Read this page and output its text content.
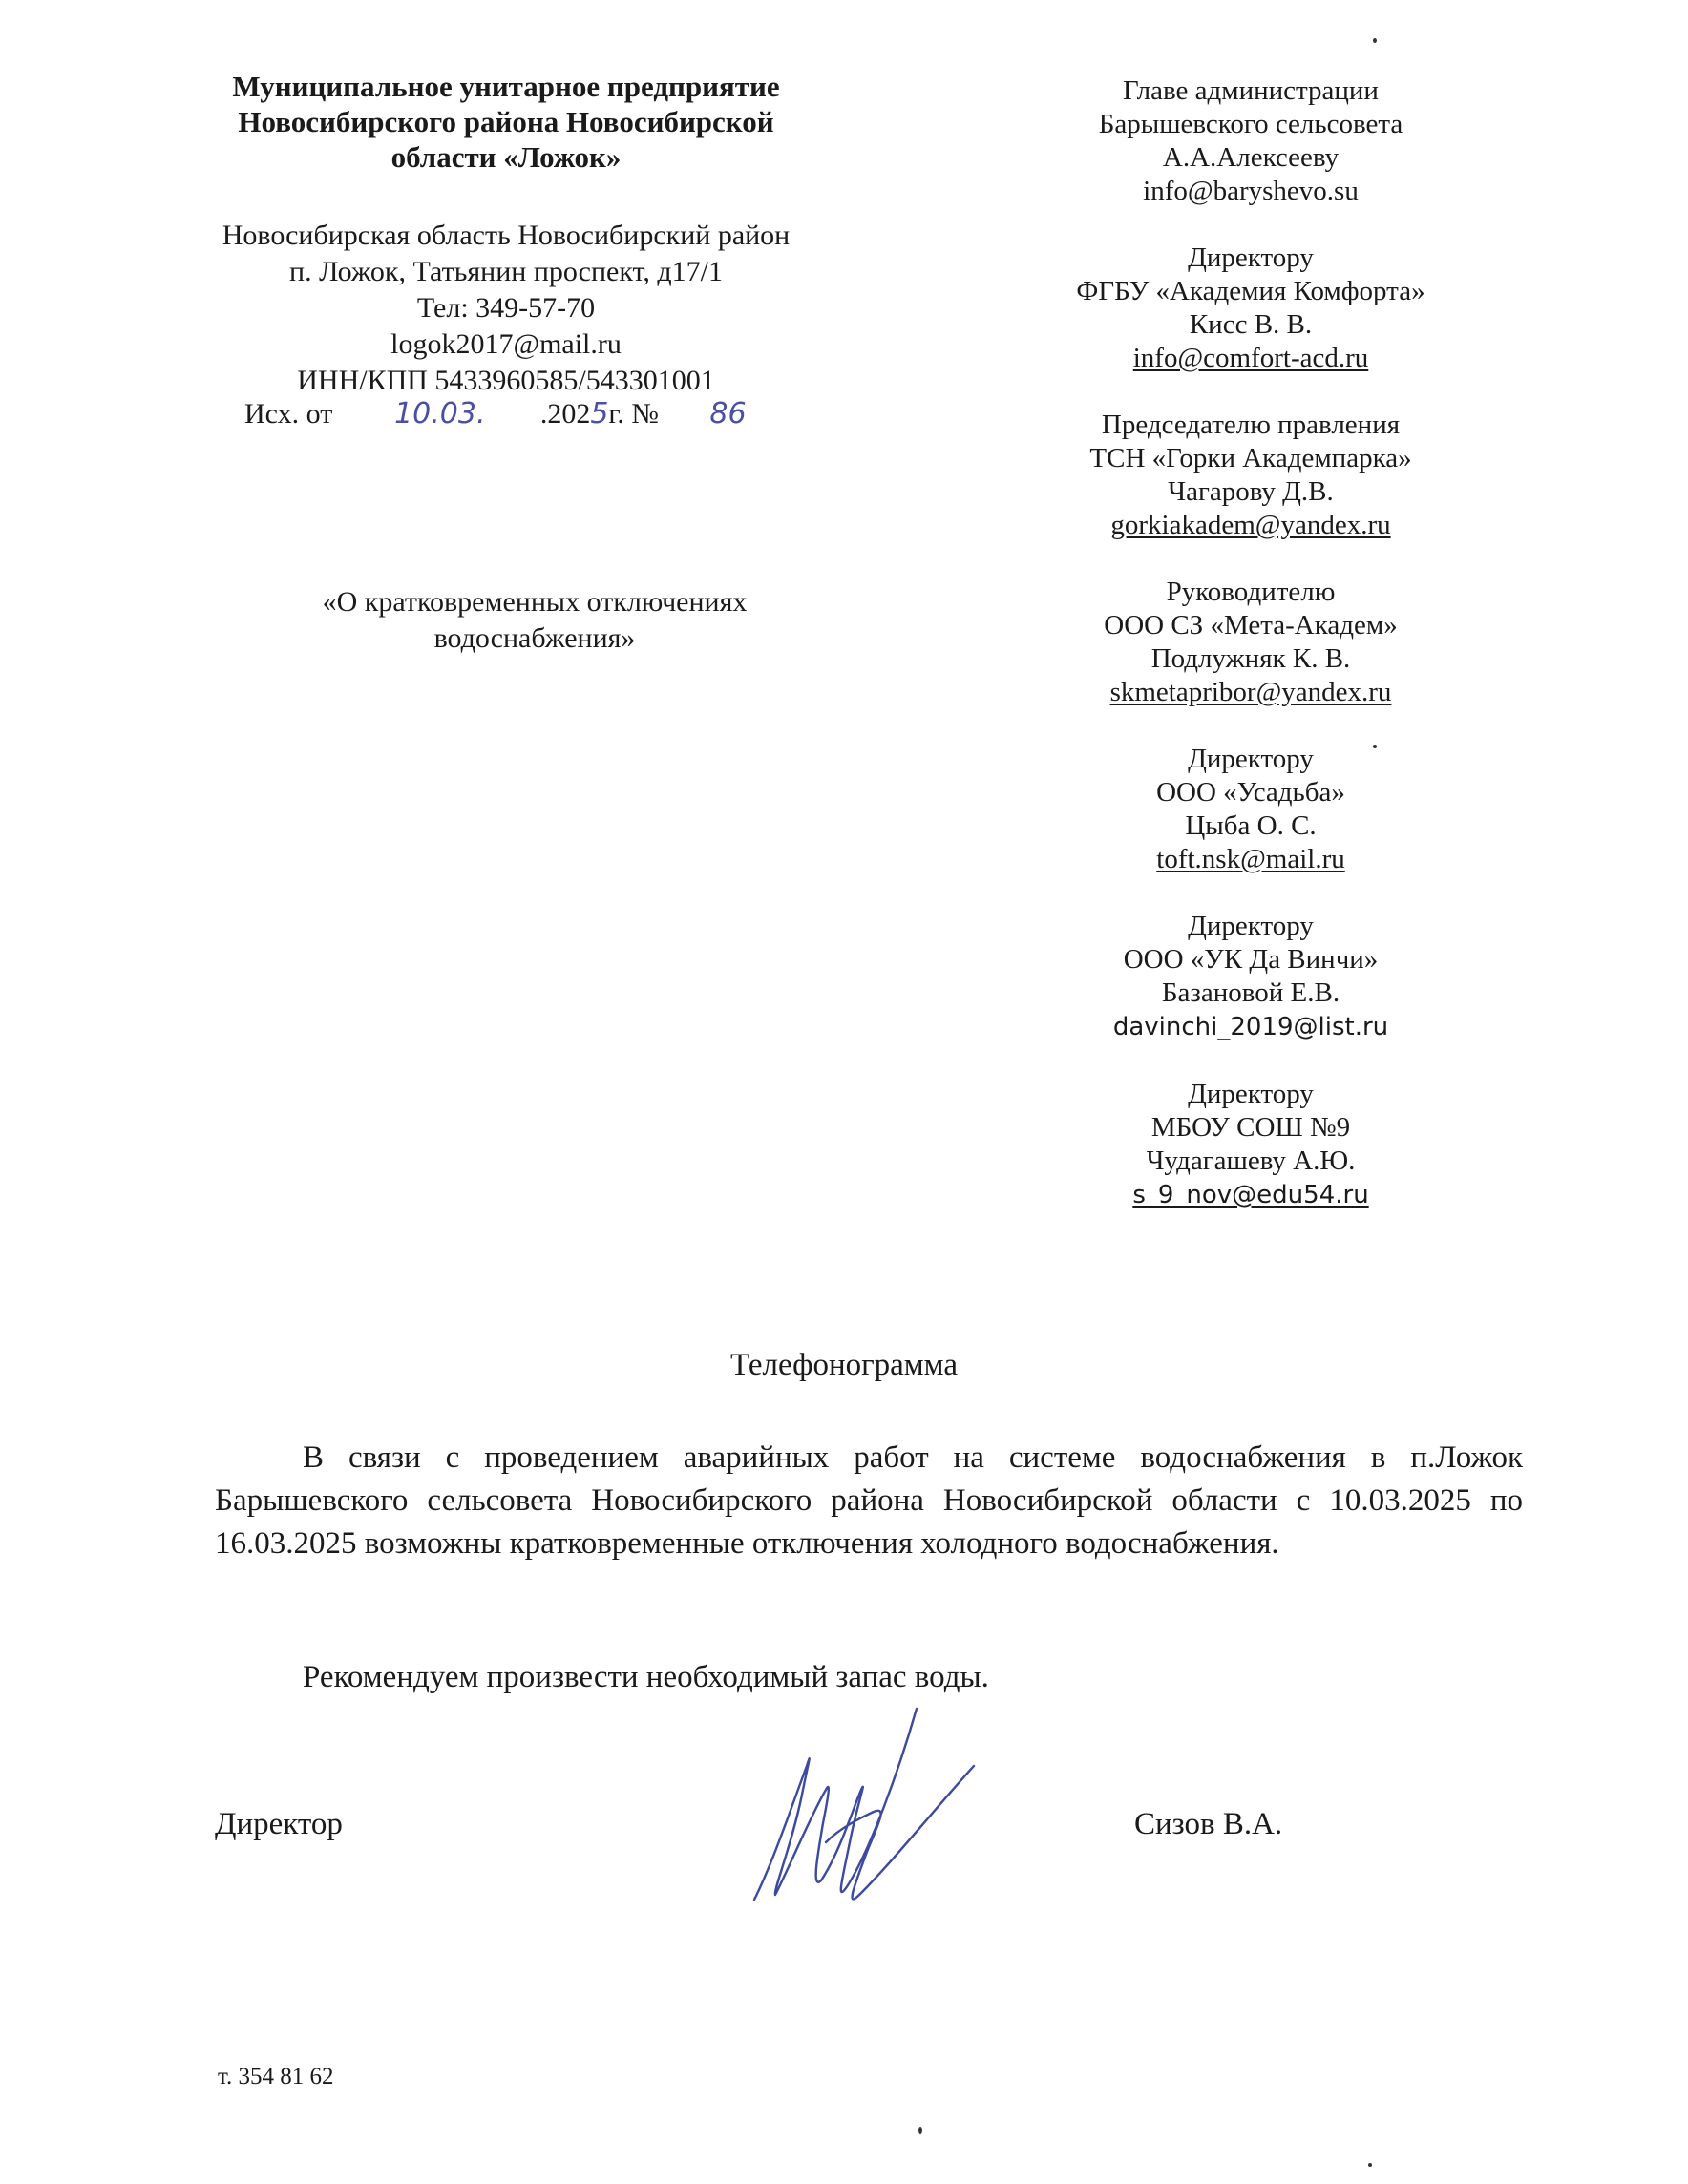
Муниципальное унитарное предприятие
Новосибирского района Новосибирской
области «Ложок»
Новосибирская область Новосибирский район
п. Ложок, Татьянин проспект, д17/1
Тел: 349-57-70
logok2017@mail.ru
ИНН/КПП 5433960585/543301001
Исх. от 10.03. .2025г. № 86
«О кратковременных отключениях
водоснабжения»
Главе администрации
Барышевского сельсовета
А.А.Алексееву
info@baryshevo.su
Директору
ФГБУ «Академия Комфорта»
Кисс В. В.
info@comfort-acd.ru
Председателю правления
ТСН «Горки Академпарка»
Чагарову Д.В.
gorkiakadem@yandex.ru
Руководителю
ООО СЗ «Мета-Академ»
Подлужняк К. В.
skmetapribor@yandex.ru
Директору
ООО «Усадьба»
Цыба О. С.
toft.nsk@mail.ru
Директору
ООО «УК Да Винчи»
Базановой Е.В.
davinchi_2019@list.ru
Директору
МБОУ СОШ №9
Чудагашеву А.Ю.
s_9_nov@edu54.ru
Телефонограмма
В связи с проведением аварийных работ на системе водоснабжения в п.Ложок Барышевского сельсовета Новосибирского района Новосибирской области с 10.03.2025 по 16.03.2025 возможны кратковременные отключения холодного водоснабжения.
Рекомендуем произвести необходимый запас воды.
Директор	Сизов В.А.
т. 354 81 62
